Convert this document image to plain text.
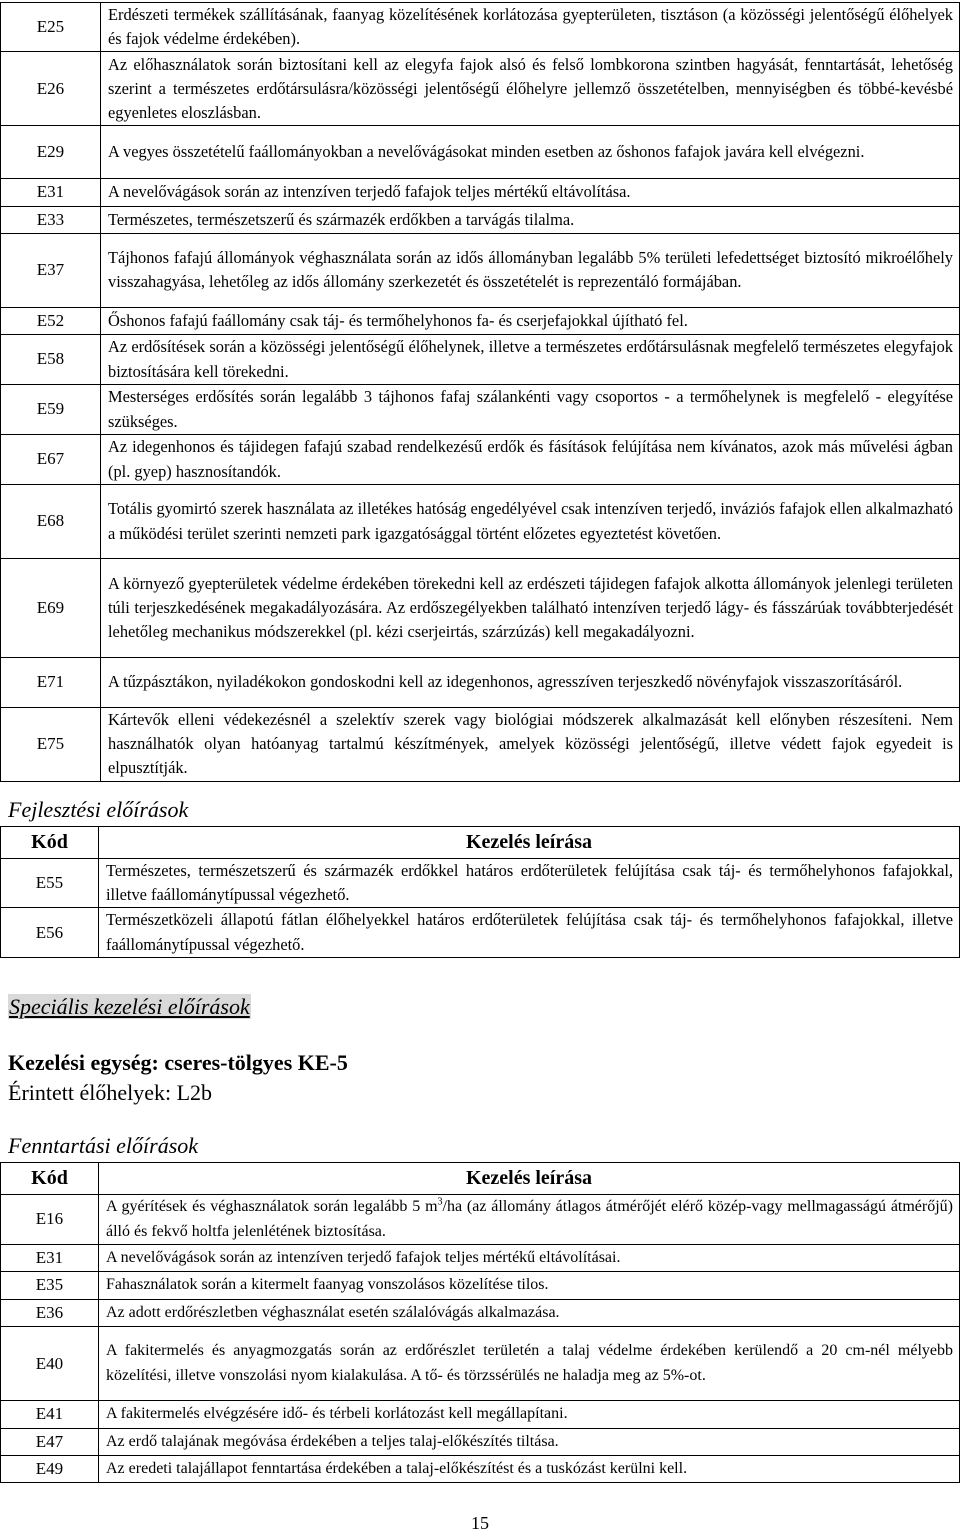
E25	Erdészeti termékek szállításának, faanyag közelítésének korlátozása gyepterületen, tisztáson (a közösségi jelentőségű élőhelyek és fajok védelme érdekében).
E26	Az előhasználatok során biztosítani kell az elegyfa fajok alsó és felső lombkorona szintben hagyását, fenntartását, lehetőség szerint a természetes erdőtársulásra/közösségi jelentőségű élőhelyre jellemző összetételben, mennyiségben és többé-kevésbé egyenletes eloszlásban.
E29	A vegyes összetételű faállományokban a nevelővágásokat minden esetben az őshonos fafajok javára kell elvégezni.
E31	A nevelővágások során az intenzíven terjedő fafajok teljes mértékű eltávolítása.
E33	Természetes, természetszerű és származék erdőkben a tarvágás tilalma.
E37	Tájhonos fafajú állományok véghasználata során az idős állományban legalább 5% területi lefedettséget biztosító mikroélőhely visszahagyása, lehetőleg az idős állomány szerkezetét és összetételét is reprezentáló formájában.
E52	Őshonos fafajú faállomány csak táj- és termőhelyhonos fa- és cserjefajokkal újítható fel.
E58	Az erdősítések során a közösségi jelentőségű élőhelynek, illetve a természetes erdőtársulásnak megfelelő természetes elegyfajok biztosítására kell törekedni.
E59	Mesterséges erdősítés során legalább 3 tájhonos fafaj szálankénti vagy csoportos - a termőhelynek is megfelelő - elegyítése szükséges.
E67	Az idegenhonos és tájidegen fafajú szabad rendelkezésű erdők és fásítások felújítása nem kívánatos, azok más művelési ágban (pl. gyep) hasznosítandók.
E68	Totális gyomirtó szerek használata az illetékes hatóság engedélyével csak intenzíven terjedő, inváziós fafajok ellen alkalmazható a működési terület szerinti nemzeti park igazgatósággal történt előzetes egyeztetést követően.
E69	A környező gyepterületek védelme érdekében törekedni kell az erdészeti tájidegen fafajok alkotta állományok jelenlegi területen túli terjeszkedésének megakadályozására. Az erdőszegélyekben található intenzíven terjedő lágy- és fásszárúak továbbterjedését lehetőleg mechanikus módszerekkel (pl. kézi cserjeirtás, szárzúzás) kell megakadályozni.
E71	A tűzpásztákon, nyiladékokon gondoskodni kell az idegenhonos, agresszíven terjeszkedő növényfajok visszaszorításáról.
E75	Kártevők elleni védekezésnél a szelektív szerek vagy biológiai módszerek alkalmazását kell előnyben részesíteni. Nem használhatók olyan hatóanyag tartalmú készítmények, amelyek közösségi jelentőségű, illetve védett fajok egyedeit is elpusztítják.
Fejlesztési előírások
Kód	Kezelés leírása
E55	Természetes, természetszerű és származék erdőkkel határos erdőterületek felújítása csak táj- és termőhelyhonos fafajokkal, illetve faállománytípussal végezhető.
E56	Természetközeli állapotú fátlan élőhelyekkel határos erdőterületek felújítása csak táj- és termőhelyhonos fafajokkal, illetve faállománytípussal végezhető.
Speciális kezelési előírások
Kezelési egység: cseres-tölgyes KE-5

Érintett élőhelyek: L2b

Fenntartási előírások
Kód	Kezelés leírása
E16	A gyérítések és véghasználatok során legalább 5 $m^3/ha$ (az állomány átlagos átmérőjét elérő közép-vagy mellmagasságú átmérőjű) álló és fekvő holtfa jelenlétének biztosítása.
E31	A nevelővágások során az intenzíven terjedő fafajok teljes mértékű eltávolításai.
E35	Fahasználatok során a kitermelt faanyag vonszolásos közelítése tilos.
E36	Az adott erdőrészletben véghasználat esetén szálalóvágás alkalmazása.
E40	A fakitermelés és anyagmozgatás során az erdőrészlet területén a talaj védelme érdekében kerülendő a 20 cm-nél mélyebb közelítési, illetve vonszolási nyom kialakulása. A tő- és törzssérülés ne haladja meg az 5%-ot.
E41	A fakitermelés elvégzésére idő- és térbeli korlátozást kell megállapítani.
E47	Az erdő talajának megóvása érdekében a teljes talaj-előkészítés tiltása.
E49	Az eredeti talajállapot fenntartása érdekében a talaj-előkészítést és a tuskózást kerülni kell.
15
